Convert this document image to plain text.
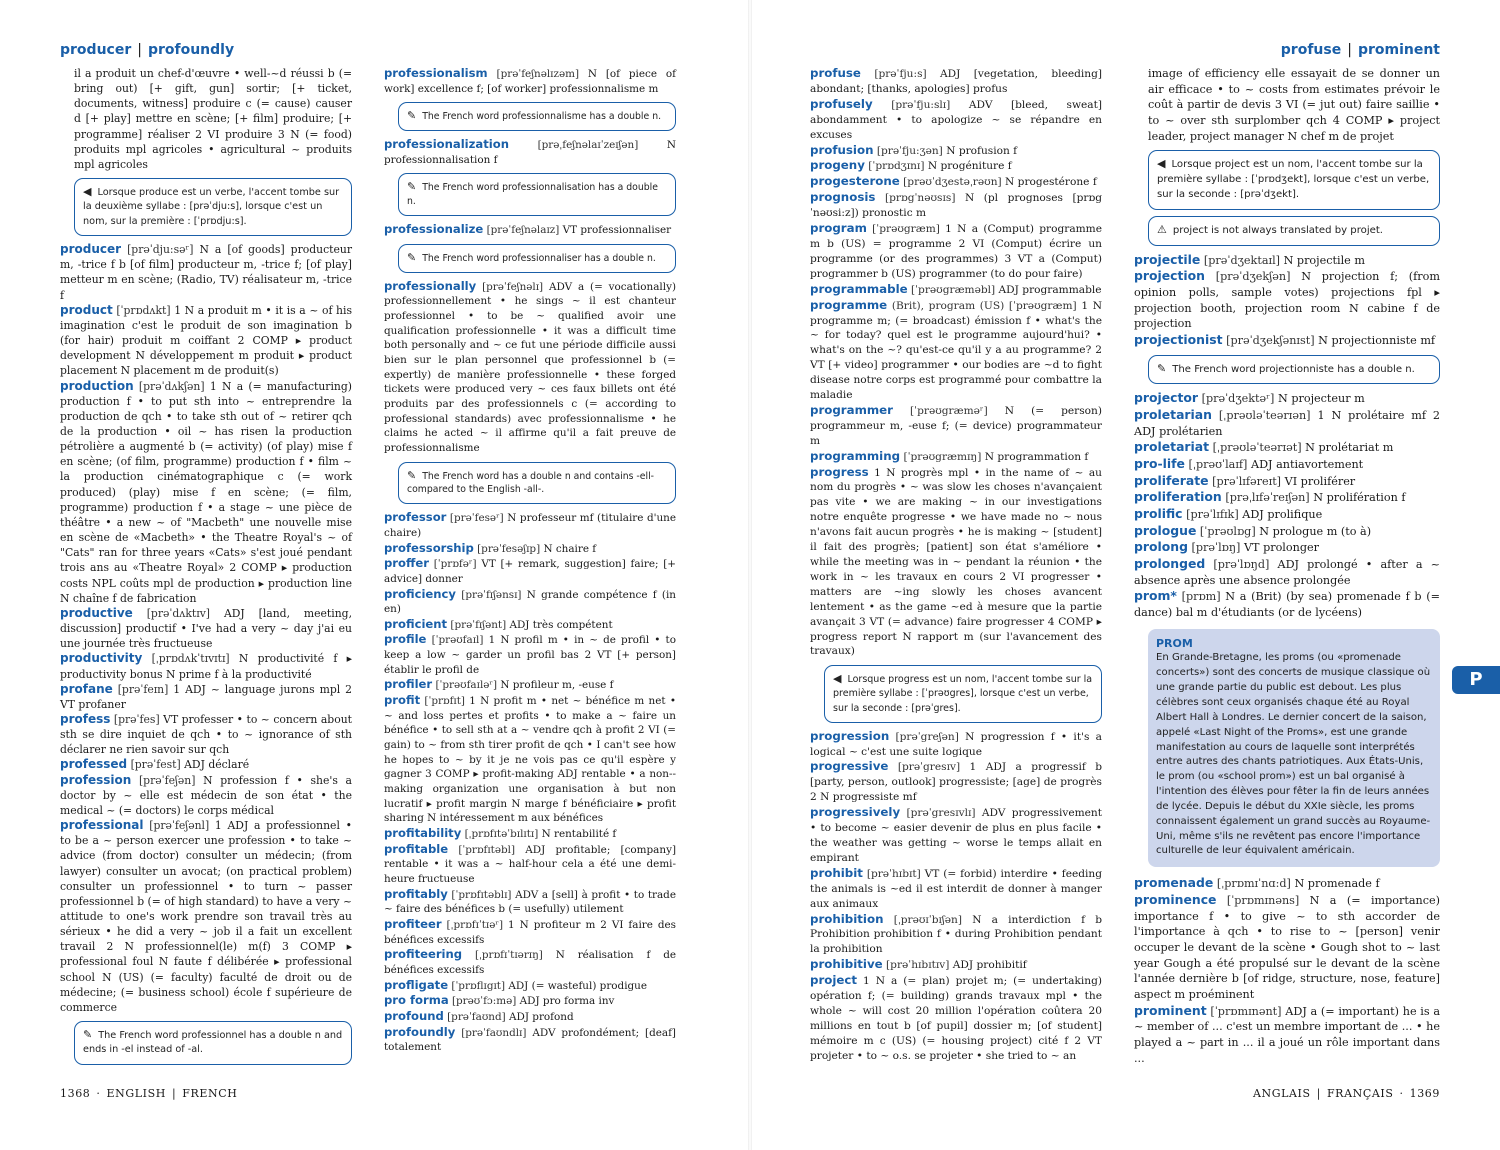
producer | profoundly	profuse | prominent

il a produit un chef-d'œuvre • well-~d réussi b (= bring out) [+ gift, gun] sortir; [+ ticket, documents, witness] produire c (= cause) causer d [+ play] mettre en scène; [+ film] produire; [+ programme] réaliser 2 VI produire 3 N (= food) produits mpl agricoles • agricultural ~ produits mpl agricoles

◀ Lorsque produce est un verbe, l'accent tombe sur la deuxième syllabe : [prəˈdju:s], lorsque c'est un nom, sur la première : [ˈprɒdju:s].

producer [prəˈdju:səʳ] N a [of goods] producteur m, -trice f b [of film] producteur m, -trice f; [of play] metteur m en scène; (Radio, TV) réalisateur m, -trice f

product [ˈprɒdʌkt] 1 N a produit m • it is a ~ of his imagination c'est le produit de son imagination b (for hair) produit m coiffant 2 COMP ▸ product development N développement m produit ▸ product placement N placement m de produit(s)

production [prəˈdʌkʃən] 1 N a (= manufacturing) production f • to put sth into ~ entreprendre la production de qch • to take sth out of ~ retirer qch de la production • oil ~ has risen la production pétrolière a augmenté b (= activity) (of play) mise f en scène; (of film, programme) production f • film ~ la production cinématographique c (= work produced) (play) mise f en scène; (= film, programme) production f • a stage ~ une pièce de théâtre • a new ~ of "Macbeth" une nouvelle mise en scène de «Macbeth» • the Theatre Royal's ~ of "Cats" ran for three years «Cats» s'est joué pendant trois ans au «Theatre Royal» 2 COMP ▸ production costs NPL coûts mpl de production ▸ production line N chaîne f de fabrication

productive [prəˈdʌktɪv] ADJ [land, meeting, discussion] productif • I've had a very ~ day j'ai eu une journée très fructueuse

productivity [ˌprɒdʌkˈtɪvɪtɪ] N productivité f ▸ productivity bonus N prime f à la productivité

profane [prəˈfeɪn] 1 ADJ ~ language jurons mpl 2 VT profaner

profess [prəˈfes] VT professer • to ~ concern about sth se dire inquiet de qch • to ~ ignorance of sth déclarer ne rien savoir sur qch

professed [prəˈfest] ADJ déclaré

profession [prəˈfeʃən] N profession f • she's a doctor by ~ elle est médecin de son état • the medical ~ (= doctors) le corps médical

professional [prəˈfeʃənl] 1 ADJ a professionnel • to be a ~ person exercer une profession • to take ~ advice (from doctor) consulter un médecin; (from lawyer) consulter un avocat; (on practical problem) consulter un professionnel • to turn ~ passer professionnel b (= of high standard) to have a very ~ attitude to one's work prendre son travail très au sérieux • he did a very ~ job il a fait un excellent travail 2 N professionnel(le) m(f) 3 COMP ▸ professional foul N faute f délibérée ▸ professional school N (US) (= faculty) faculté de droit ou de médecine; (= business school) école f supérieure de commerce

✎ The French word professionnel has a double n and ends in -el instead of -al.

professionalism [prəˈfeʃnəlɪzəm] N [of piece of work] excellence f; [of worker] professionnalisme m

✎ The French word professionnalisme has a double n.

professionalization	[prəˌfeʃnəlaɪˈzeɪʃən]	N professionnalisation f

✎ The French word professionnalisation has a double n.

professionalize [prəˈfeʃnəlaɪz] VT professionnaliser

✎ The French word professionnaliser has a double n.

professionally [prəˈfeʃnəlɪ] ADV a (= vocationally) professionnellement • he sings ~ il est chanteur professionnel • to be ~ qualified avoir une qualification professionnelle • it was a difficult time both personally and ~ ce fut une période difficile aussi bien sur le plan personnel que professionnel b (= expertly) de manière professionnelle • these forged tickets were produced very ~ ces faux billets ont été produits par des professionnels c (= according to professional standards) avec professionnalisme • he claims he acted ~ il affirme qu'il a fait preuve de professionnalisme

✎ The French word has a double n and contains -ell- compared to the English -all-.

professor [prəˈfesəʳ] N professeur mf (titulaire d'une chaire)

professorship [prəˈfesəʃɪp] N chaire f

proffer [ˈprɒfəʳ] VT [+ remark, suggestion] faire; [+ advice] donner

proficiency [prəˈfɪʃənsɪ] N grande compétence f (in en)

proficient [prəˈfɪʃənt] ADJ très compétent

profile [ˈprəʊfaɪl] 1 N profil m • in ~ de profil • to keep a low ~ garder un profil bas 2 VT [+ person] établir le profil de

profiler [ˈprəʊfaɪləʳ] N profileur m, -euse f

profit [ˈprɒfɪt] 1 N profit m • net ~ bénéfice m net • ~ and loss pertes et profits • to make a ~ faire un bénéfice • to sell sth at a ~ vendre qch à profit 2 VI (= gain) to ~ from sth tirer profit de qch • I can't see how he hopes to ~ by it je ne vois pas ce qu'il espère y gagner 3 COMP ▸ profit-making ADJ rentable • a non--making organization une organisation à but non lucratif ▸ profit margin N marge f bénéficiaire ▸ profit sharing N intéressement m aux bénéfices

profitability [ˌprɒfɪtəˈbɪlɪtɪ] N rentabilité f

profitable [ˈprɒfɪtəbl] ADJ profitable; [company] rentable • it was a ~ half-hour cela a été une demi-heure fructueuse

profitably [ˈprɒfɪtəblɪ] ADV a [sell] à profit • to trade ~ faire des bénéfices b (= usefully) utilement

profiteer [ˌprɒfɪˈtɪəʳ] 1 N profiteur m 2 VI faire des bénéfices excessifs

profiteering [ˌprɒfɪˈtɪərɪŋ] N réalisation f de bénéfices excessifs

profligate [ˈprɒflɪgɪt] ADJ (= wasteful) prodigue

pro forma [prəʊˈfɔ:mə] ADJ pro forma inv

profound [prəˈfaʊnd] ADJ profond

profoundly [prəˈfaʊndlɪ] ADV profondément; [deaf] totalement

profuse [prəˈfju:s] ADJ [vegetation, bleeding] abondant; [thanks, apologies] profus

profusely [prəˈfju:slɪ] ADV [bleed, sweat] abondamment • to apologize ~ se répandre en excuses

profusion [prəˈfju:ʒən] N profusion f

progeny [ˈprɒdʒɪnɪ] N progéniture f

progesterone [prəʊˈdʒestəˌrəʊn] N progestérone f

prognosis [prɒgˈnəʊsɪs] N (pl prognoses [prɒgˈnəʊsi:z]) pronostic m

program [ˈprəʊgræm] 1 N a (Comput) programme m b (US) = programme 2 VI (Comput) écrire un programme (or des programmes) 3 VT a (Comput) programmer b (US) programmer (to do pour faire)

programmable [ˈprəʊgræməbl] ADJ programmable

programme (Brit), program (US) [ˈprəʊgræm] 1 N programme m; (= broadcast) émission f • what's the ~ for today? quel est le programme aujourd'hui? • what's on the ~? qu'est-ce qu'il y a au programme? 2 VT [+ video] programmer • our bodies are ~d to fight disease notre corps est programmé pour combattre la maladie

programmer [ˈprəʊgræməʳ] N (= person) programmeur m, -euse f; (= device) programmateur m

programming [ˈprəʊgræmɪŋ] N programmation f

progress 1 N progrès mpl • in the name of ~ au nom du progrès • ~ was slow les choses n'avançaient pas vite • we are making ~ in our investigations notre enquête progresse • we have made no ~ nous n'avons fait aucun progrès • he is making ~ [student] il fait des progrès; [patient] son état s'améliore • while the meeting was in ~ pendant la réunion • the work in ~ les travaux en cours 2 VI progresser • matters are ~ing slowly les choses avancent lentement • as the game ~ed à mesure que la partie avançait 3 VT (= advance) faire progresser 4 COMP ▸ progress report N rapport m (sur l'avancement des travaux)

◀ Lorsque progress est un nom, l'accent tombe sur la première syllabe : [ˈprəʊgres], lorsque c'est un verbe, sur la seconde : [prəˈgres].

progression [prəˈgreʃən] N progression f • it's a logical ~ c'est une suite logique

progressive [prəˈgresɪv] 1 ADJ a progressif b [party, person, outlook] progressiste; [age] de progrès 2 N progressiste mf

progressively [prəˈgresɪvlɪ] ADV progressivement • to become ~ easier devenir de plus en plus facile • the weather was getting ~ worse le temps allait en empirant

prohibit [prəˈhɪbɪt] VT (= forbid) interdire • feeding the animals is ~ed il est interdit de donner à manger aux animaux

prohibition [ˌprəʊɪˈbɪʃən] N a interdiction f b Prohibition prohibition f • during Prohibition pendant la prohibition

prohibitive [prəˈhɪbɪtɪv] ADJ prohibitif

project 1 N a (= plan) projet m; (= undertaking) opération f; (= building) grands travaux mpl • the whole ~ will cost 20 million l'opération coûtera 20 millions en tout b [of pupil] dossier m; [of student] mémoire m c (US) (= housing project) cité f 2 VT projeter • to ~ o.s. se projeter • she tried to ~ an

image of efficiency elle essayait de se donner un air efficace • to ~ costs from estimates prévoir le coût à partir de devis 3 VI (= jut out) faire saillie • to ~ over sth surplomber qch 4 COMP ▸ project leader, project manager N chef m de projet

◀ Lorsque project est un nom, l'accent tombe sur la première syllabe : [ˈprɒdʒekt], lorsque c'est un verbe, sur la seconde : [prəˈdʒekt].
⚠ project is not always translated by projet.

projectile [prəˈdʒektaɪl] N projectile m

projection [prəˈdʒekʃən] N projection f; (from opinion polls, sample votes) projections fpl ▸ projection booth, projection room N cabine f de projection

projectionist [prəˈdʒekʃənɪst] N projectionniste mf

✎ The French word projectionniste has a double n.

projector [prəˈdʒektəʳ] N projecteur m

proletarian [ˌprəʊləˈteərɪən] 1 N prolétaire mf 2 ADJ prolétarien

proletariat [ˌprəʊləˈteərɪət] N prolétariat m

pro-life [ˌprəʊˈlaɪf] ADJ antiavortement

proliferate [prəˈlɪfəreɪt] VI proliférer

proliferation [prəˌlɪfəˈreɪʃən] N prolifération f

prolific [prəˈlɪfɪk] ADJ prolifique

prologue [ˈprəʊlɒg] N prologue m (to à)

prolong [prəˈlɒŋ] VT prolonger

prolonged [prəˈlɒŋd] ADJ prolongé • after a ~ absence après une absence prolongée

prom* [prɒm] N a (Brit) (by sea) promenade f b (= dance) bal m d'étudiants (or de lycéens)

PROM
En Grande-Bretagne, les proms (ou «promenade concerts») sont des concerts de musique classique où une grande partie du public est debout. Les plus célèbres sont ceux organisés chaque été au Royal Albert Hall à Londres. Le dernier concert de la saison, appelé «Last Night of the Proms», est une grande manifestation au cours de laquelle sont interprétés entre autres des chants patriotiques. Aux États-Unis, le prom (ou «school prom») est un bal organisé à l'intention des élèves pour fêter la fin de leurs années de lycée. Depuis le début du XXIe siècle, les proms connaissent également un grand succès au Royaume-Uni, même s'ils ne revêtent pas encore l'importance culturelle de leur équivalent américain.

promenade [ˌprɒmɪˈnɑ:d] N promenade f

prominence [ˈprɒmɪnəns] N a (= importance) importance f • to give ~ to sth accorder de l'importance à qch • to rise to ~ [person] venir occuper le devant de la scène • Gough shot to ~ last year Gough a été propulsé sur le devant de la scène l'année dernière b [of ridge, structure, nose, feature] aspect m proéminent

prominent [ˈprɒmɪnənt] ADJ a (= important) he is a ~ member of ... c'est un membre important de ... • he played a ~ part in ... il a joué un rôle important dans ...

P
1368 · ENGLISH | FRENCH	ANGLAIS | FRANÇAIS · 1369
